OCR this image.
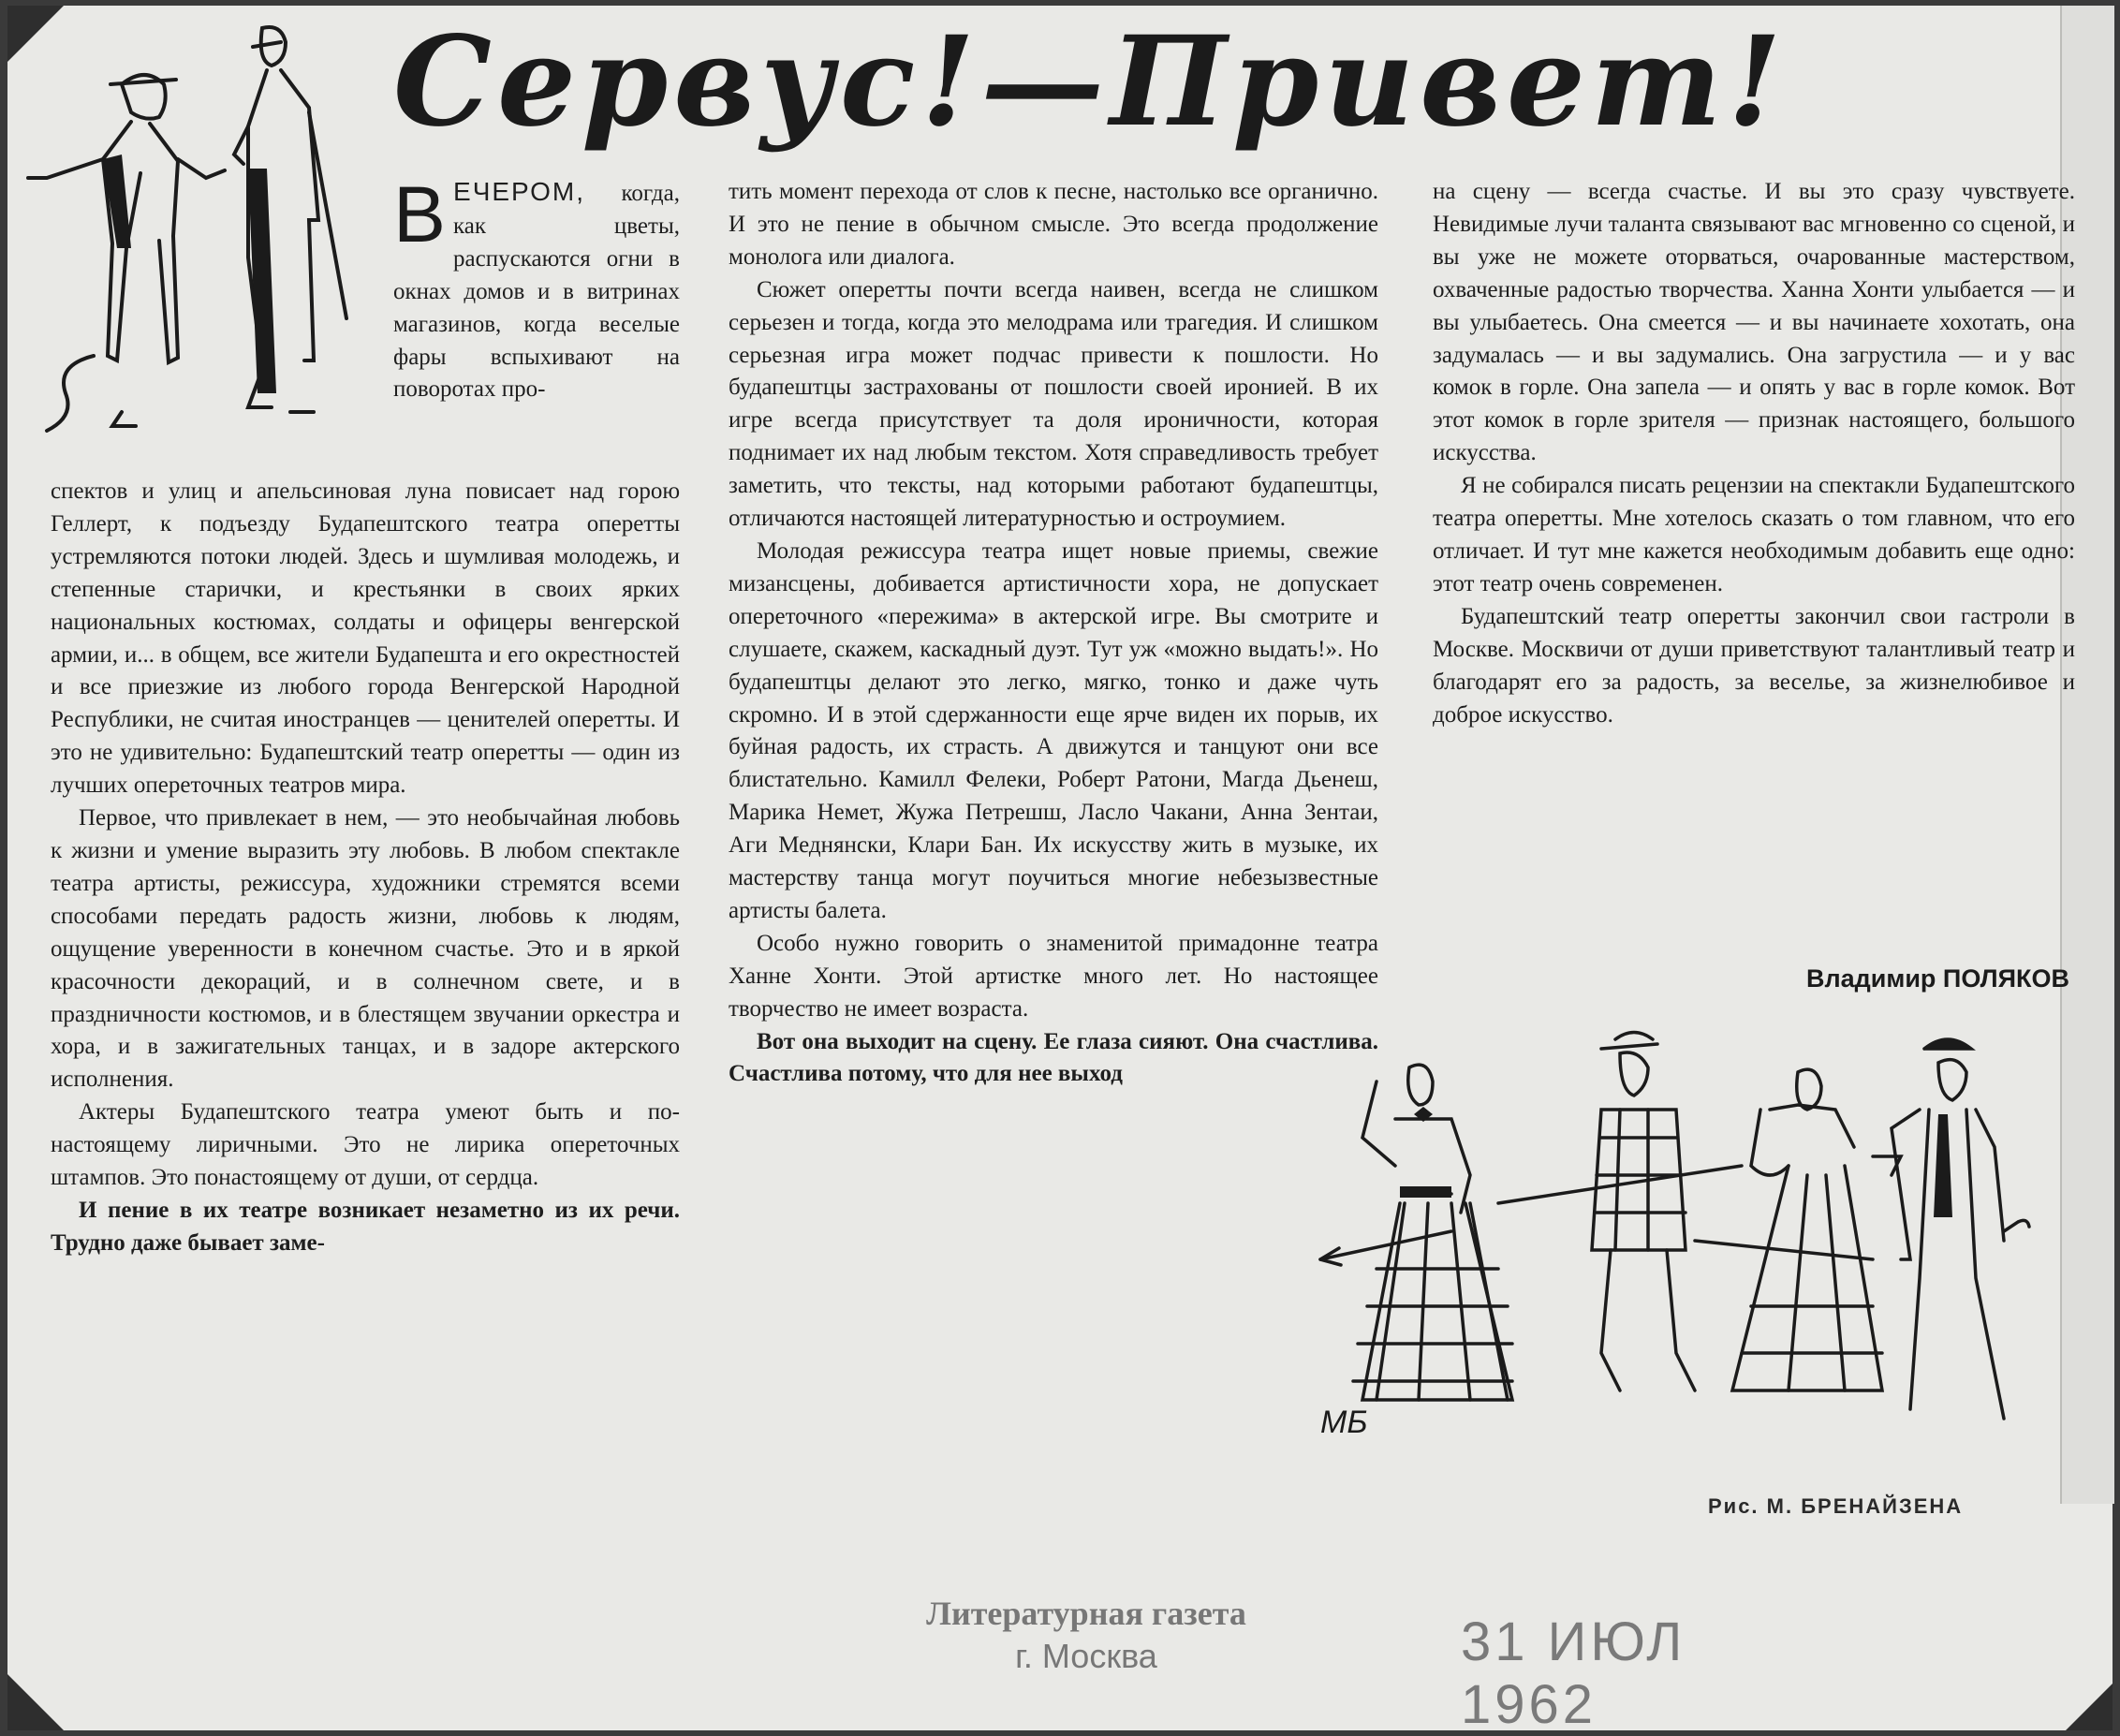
Сервус!—Привет!

ВЕЧЕРОМ, когда, как цветы, распускаются огни в окнах домов и в витринах магазинов, когда веселые фары вспыхивают на поворотах про-

спектов и улиц и апельсиновая луна повисает над горою Геллерт, к подъезду Будапештского театра оперетты устремляются потоки людей. Здесь и шумливая молодежь, и степенные старички, и крестьянки в своих ярких национальных костюмах, солдаты и офицеры венгерской армии, и... в общем, все жители Будапешта и его окрестностей и все приезжие из любого города Венгерской Народной Республики, не считая иностранцев — ценителей оперетты. И это не удивительно: Будапештский театр оперетты — один из лучших опереточных театров мира.

Первое, что привлекает в нем, — это необычайная любовь к жизни и умение выразить эту любовь. В любом спектакле театра артисты, режиссура, художники стремятся всеми способами передать радость жизни, любовь к людям, ощущение уверенности в конечном счастье. Это и в яркой красочности декораций, и в солнечном свете, и в праздничности костюмов, и в блестящем звучании оркестра и хора, и в зажигательных танцах, и в задоре актерского исполнения.

Актеры Будапештского театра умеют быть и по-настоящему лиричными. Это не лирика опереточных штампов. Это понастоящему от души, от сердца.

И пение в их театре возникает незаметно из их речи. Трудно даже бывает заме-

тить момент перехода от слов к песне, настолько все органично. И это не пение в обычном смысле. Это всегда продолжение монолога или диалога.

Сюжет оперетты почти всегда наивен, всегда не слишком серьезен и тогда, когда это мелодрама или трагедия. И слишком серьезная игра может подчас привести к пошлости. Но будапештцы застрахованы от пошлости своей иронией. В их игре всегда присутствует та доля ироничности, которая поднимает их над любым текстом. Хотя справедливость требует заметить, что тексты, над которыми работают будапештцы, отличаются настоящей литературностью и остроумием.

Молодая режиссура театра ищет новые приемы, свежие мизансцены, добивается артистичности хора, не допускает опереточного «пережима» в актерской игре. Вы смотрите и слушаете, скажем, каскадный дуэт. Тут уж «можно выдать!». Но будапештцы делают это легко, мягко, тонко и даже чуть скромно. И в этой сдержанности еще ярче виден их порыв, их буйная радость, их страсть. А движутся и танцуют они все блистательно. Камилл Фелеки, Роберт Ратони, Магда Дьенеш, Марика Немет, Жужа Петрешш, Ласло Чакани, Анна Зентаи, Аги Меднянски, Клари Бан. Их искусству жить в музыке, их мастерству танца могут поучиться многие небезызвестные артисты балета.

Особо нужно говорить о знаменитой примадонне театра Ханне Хонти. Этой артистке много лет. Но настоящее творчество не имеет возраста.

Вот она выходит на сцену. Ее глаза сияют. Она счастлива. Счастлива потому, что для нее выход

на сцену — всегда счастье. И вы это сразу чувствуете. Невидимые лучи таланта связывают вас мгновенно со сценой, и вы уже не можете оторваться, очарованные мастерством, охваченные радостью творчества. Ханна Хонти улыбается — и вы улыбаетесь. Она смеется — и вы начинаете хохотать, она задумалась — и вы задумались. Она загрустила — и у вас комок в горле. Она запела — и опять у вас в горле комок. Вот этот комок в горле зрителя — признак настоящего, большого искусства.

Я не собирался писать рецензии на спектакли Будапештского театра оперетты. Мне хотелось сказать о том главном, что его отличает. И тут мне кажется необходимым добавить еще одно: этот театр очень современен.

Будапештский театр оперетты закончил свои гастроли в Москве. Москвичи от души приветствуют талантливый театр и благодарят его за радость, за веселье, за жизнелюбивое и доброе искусство.

Владимир ПОЛЯКОВ
МБ
Рис. М. БРЕНАЙЗЕНА
Литературная газета
г. Москва	31 ИЮЛ 1962
